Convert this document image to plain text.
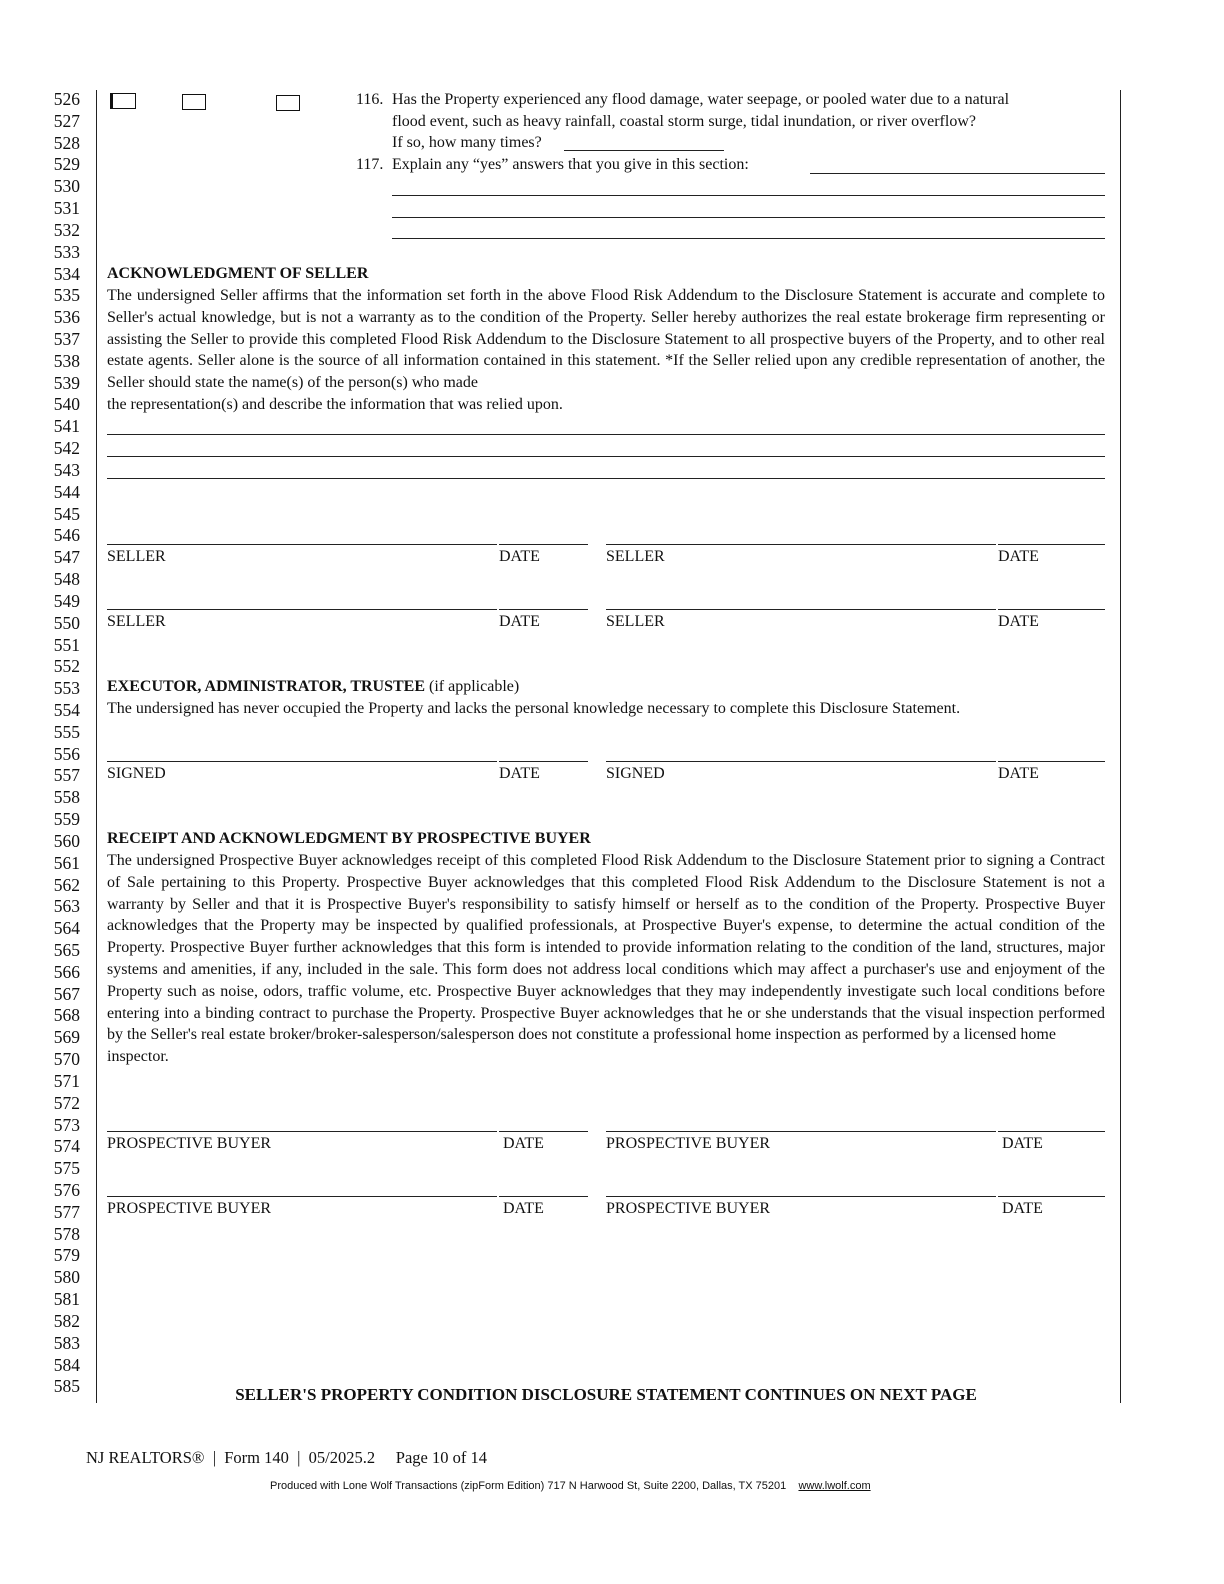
526
527
528
529
530
531
532
533
534
535
536
537
538
539
540
541
542
543
544
545
546
547
548
549
550
551
552
553
554
555
556
557
558
559
560
561
562
563
564
565
566
567
568
569
570
571
572
573
574
575
576
577
578
579
580
581
582
583
584
585
116. Has the Property experienced any flood damage, water seepage, or pooled water due to a natural
flood event, such as heavy rainfall, coastal storm surge, tidal inundation, or river overflow?
If so, how many times?
117. Explain any “yes” answers that you give in this section:
ACKNOWLEDGMENT OF SELLER
The undersigned Seller affirms that the information set forth in the above Flood Risk Addendum to the Disclosure Statement is accurate and complete to Seller's actual knowledge, but is not a warranty as to the condition of the Property. Seller hereby authorizes the real estate brokerage firm representing or assisting the Seller to provide this completed Flood Risk Addendum to the Disclosure Statement to all prospective buyers of the Property, and to other real estate agents. Seller alone is the source of all information contained in this statement. *If the Seller relied upon any credible representation of another, the Seller should state the name(s) of the person(s) who made
the representation(s) and describe the information that was relied upon.
SELLER	DATE	SELLER	DATE
SELLER	DATE	SELLER	DATE
EXECUTOR, ADMINISTRATOR, TRUSTEE (if applicable)
The undersigned has never occupied the Property and lacks the personal knowledge necessary to complete this Disclosure Statement.
SIGNED	DATE	SIGNED	DATE
RECEIPT AND ACKNOWLEDGMENT BY PROSPECTIVE BUYER
The undersigned Prospective Buyer acknowledges receipt of this completed Flood Risk Addendum to the Disclosure Statement prior to signing a Contract of Sale pertaining to this Property. Prospective Buyer acknowledges that this completed Flood Risk Addendum to the Disclosure Statement is not a warranty by Seller and that it is Prospective Buyer's responsibility to satisfy himself or herself as to the condition of the Property. Prospective Buyer acknowledges that the Property may be inspected by qualified professionals, at Prospective Buyer's expense, to determine the actual condition of the Property. Prospective Buyer further acknowledges that this form is intended to provide information relating to the condition of the land, structures, major systems and amenities, if any, included in the sale. This form does not address local conditions which may affect a purchaser's use and enjoyment of the Property such as noise, odors, traffic volume, etc. Prospective Buyer acknowledges that they may independently investigate such local conditions before entering into a binding contract to purchase the Property. Prospective Buyer acknowledges that he or she understands that the visual inspection performed by the Seller's real estate broker/broker-salesperson/salesperson does not constitute a professional home inspection as performed by a licensed home
inspector.
PROSPECTIVE BUYER	DATE	PROSPECTIVE BUYER	DATE
PROSPECTIVE BUYER	DATE	PROSPECTIVE BUYER	DATE
SELLER'S PROPERTY CONDITION DISCLOSURE STATEMENT CONTINUES ON NEXT PAGE
NJ REALTORS®  |  Form 140  |  05/2025.2     Page 10 of 14
Produced with Lone Wolf Transactions (zipForm Edition) 717 N Harwood St, Suite 2200, Dallas, TX 75201 www.lwolf.com
